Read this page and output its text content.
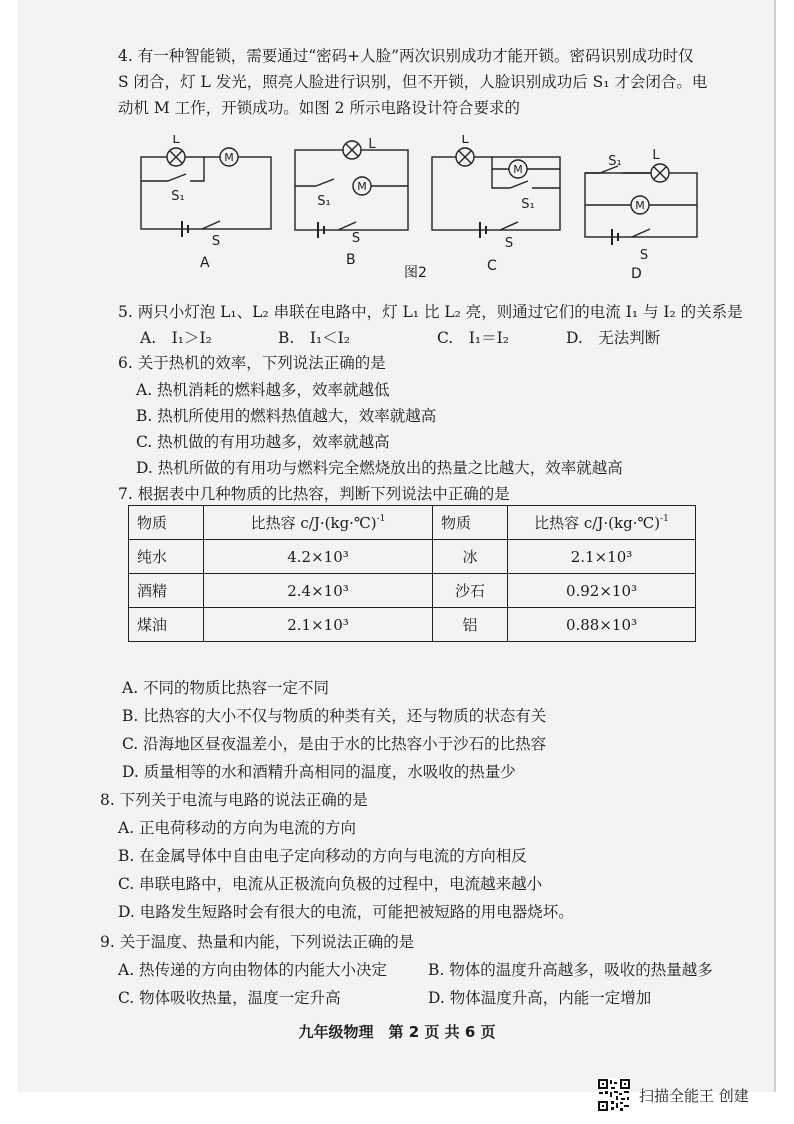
4. 有一种智能锁，需要通过“密码+人脸”两次识别成功才能开锁。密码识别成功时仅
S 闭合，灯 L 发光，照亮人脸进行识别，但不开锁，人脸识别成功后 S₁ 才会闭合。电
动机 M 工作，开锁成功。如图 2 所示电路设计符合要求的
M
M
M
M
L
S₁
S
L
S₁
S
L
S₁
S
S₁ L
S
A	B
图2	C	D
5. 两只小灯泡 L₁、L₂ 串联在电路中，灯 L₁ 比 L₂ 亮，则通过它们的电流 I₁ 与 I₂ 的关系是
A.　I₁＞I₂	B.　I₁＜I₂	C.　I₁＝I₂	D.　无法判断
6. 关于热机的效率，下列说法正确的是
A. 热机消耗的燃料越多，效率就越低
B. 热机所使用的燃料热值越大，效率就越高
C. 热机做的有用功越多，效率就越高
D. 热机所做的有用功与燃料完全燃烧放出的热量之比越大，效率就越高
7. 根据表中几种物质的比热容，判断下列说法中正确的是
物质	比热容 c/J·(kg·℃)$^{-1}$	物质	比热容 c/J·(kg·℃)$^{-1}$
纯水	4.2×10³	冰	2.1×10³
酒精	2.4×10³	沙石	0.92×10³
煤油	2.1×10³	铝	0.88×10³
A. 不同的物质比热容一定不同
B. 比热容的大小不仅与物质的种类有关，还与物质的状态有关
C. 沿海地区昼夜温差小，是由于水的比热容小于沙石的比热容
D. 质量相等的水和酒精升高相同的温度，水吸收的热量少
8. 下列关于电流与电路的说法正确的是
A. 正电荷移动的方向为电流的方向
B. 在金属导体中自由电子定向移动的方向与电流的方向相反
C. 串联电路中，电流从正极流向负极的过程中，电流越来越小
D. 电路发生短路时会有很大的电流，可能把被短路的用电器烧坏。
9. 关于温度、热量和内能，下列说法正确的是
A. 热传递的方向由物体的内能大小决定	B. 物体的温度升高越多，吸收的热量越多
C. 物体吸收热量，温度一定升高	D. 物体温度升高，内能一定增加
九年级物理　第 2 页 共 6 页
扫描全能王 创建
